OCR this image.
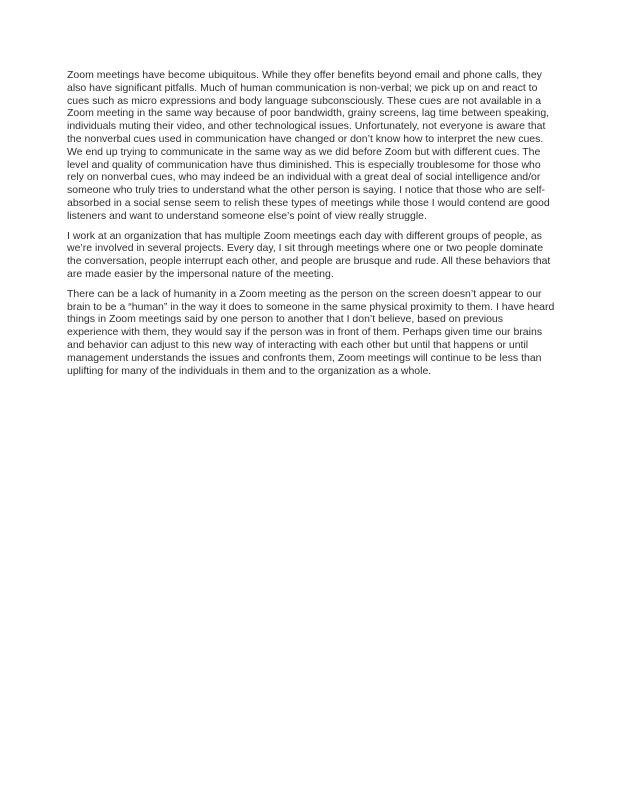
Zoom meetings have become ubiquitous. While they offer benefits beyond email and phone calls, they also have significant pitfalls. Much of human communication is non-verbal; we pick up on and react to cues such as micro expressions and body language subconsciously. These cues are not available in a Zoom meeting in the same way because of poor bandwidth, grainy screens, lag time between speaking, individuals muting their video, and other technological issues. Unfortunately, not everyone is aware that the nonverbal cues used in communication have changed or don’t know how to interpret the new cues. We end up trying to communicate in the same way as we did before Zoom but with different cues. The level and quality of communication have thus diminished. This is especially troublesome for those who rely on nonverbal cues, who may indeed be an individual with a great deal of social intelligence and/or someone who truly tries to understand what the other person is saying. I notice that those who are self-absorbed in a social sense seem to relish these types of meetings while those I would contend are good listeners and want to understand someone else’s point of view really struggle.

I work at an organization that has multiple Zoom meetings each day with different groups of people, as we’re involved in several projects. Every day, I sit through meetings where one or two people dominate the conversation, people interrupt each other, and people are brusque and rude. All these behaviors that are made easier by the impersonal nature of the meeting.

There can be a lack of humanity in a Zoom meeting as the person on the screen doesn’t appear to our brain to be a “human” in the way it does to someone in the same physical proximity to them. I have heard things in Zoom meetings said by one person to another that I don’t believe, based on previous experience with them, they would say if the person was in front of them. Perhaps given time our brains and behavior can adjust to this new way of interacting with each other but until that happens or until management understands the issues and confronts them, Zoom meetings will continue to be less than uplifting for many of the individuals in them and to the organization as a whole.
